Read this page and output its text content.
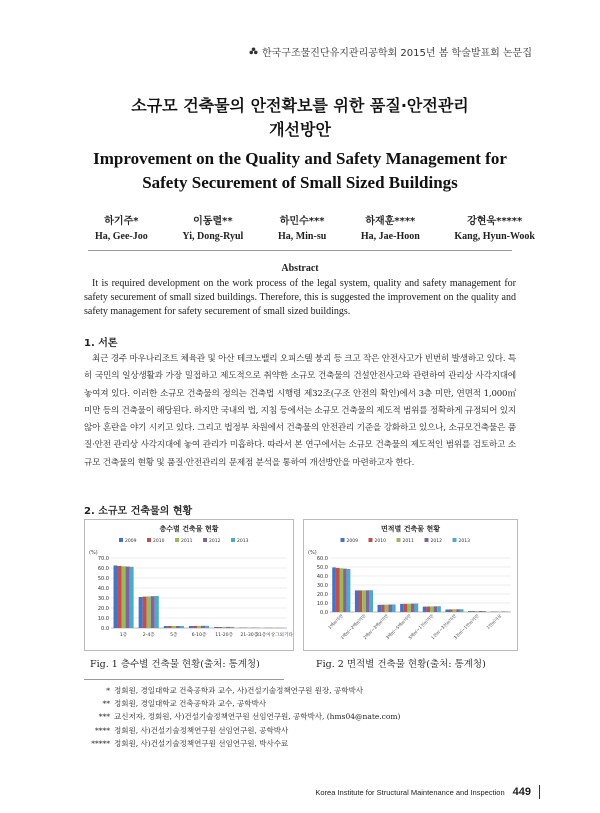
한국구조물진단유지관리공학회 2015년 봄 학술발표회 논문집
소규모 건축물의 안전확보를 위한 품질·안전관리
개선방안
Improvement on the Quality and Safety Management for
Safety Securement of Small Sized Buildings
하기주*
Ha, Gee-Joo
이동렬**
Yi, Dong-Ryul
하민수***
Ha, Min-su
하재훈****
Ha, Jae-Hoon
강현욱*****
Kang, Hyun-Wook
Abstract
It is required development on the work process of the legal system, quality and safety management for safety securement of small sized buildings. Therefore, this is suggested the improvement on the quality and safety management for safety securement of small sized buildings.
1. 서론
최근 경주 마우나리조트 체육관 및 아산 테크노밸리 오피스텔 붕괴 등 크고 작은 안전사고가 빈번히 발생하고 있다. 특히 국민의 일상생활과 가장 밀접하고 제도적으로 취약한 소규모 건축물의 건설안전사고와 관련하여 관리상 사각지대에 놓여져 있다. 이러한 소규모 건축물의 정의는 건축법 시행령 제32조(구조 안전의 확인)에서 3층 미만, 연면적 1,000㎡ 미만 등의 건축물이 해당된다. 하지만 국내의 법, 지침 등에서는 소규모 건축물의 제도적 범위를 정확하게 규정되어 있지 않아 혼란을 야기 시키고 있다. 그리고 법정부 차원에서 건축물의 안전관리 기준을 강화하고 있으나, 소규모건축물은 품질·안전 관리상 사각지대에 놓여 관리가 미흡하다. 따라서 본 연구에서는 소규모 건축물의 제도적인 범위를 검토하고 소규모 건축물의 현황 및 품질·안전관리의 문제점 분석을 통하여 개선방안을 마련하고자 한다.
2. 소규모 건축물의 현황
층수별 건축물 현황
2009	2010	2011	2012	2013
(%)
0.0
10.0
20.0
30.0
40.0
50.0
60.0
70.0
1층	2-4층	5층	6-10층 11-20층 21-30층
31층이상그외기타
면적별 건축물 현황
2009	2010	2011	2012	2013
(%)
0.0
10.0
20.0
30.0
40.0
50.0
60.0
1백㎡미만
1백㎡~2백㎡미만
2백㎡~3백㎡미만
3백㎡~5백㎡미만
5백㎡~1천㎡미만
1천㎡~3천㎡미만
3천㎡~1만㎡미만	1만㎡이상
Fig. 1 층수별 건축물 현황(출처: 통계청)	Fig. 2 면적별 건축물 현황(출처: 통계청)
* 정회원, 경일대학교 건축공학과 교수, 사)건설기술정책연구원 원장, 공학박사
** 정회원, 경일대학교 건축공학과 교수, 공학박사
*** 교신저자, 정회원, 사)건설기술정책연구원 선임연구원, 공학박사, (hms04@nate.com)
**** 정회원, 사)건설기술정책연구원 선임연구원, 공학박사
***** 정회원, 사)건설기술정책연구원 선임연구원, 박사수료
Korea Institute for Structural Maintenance and Inspection 449
